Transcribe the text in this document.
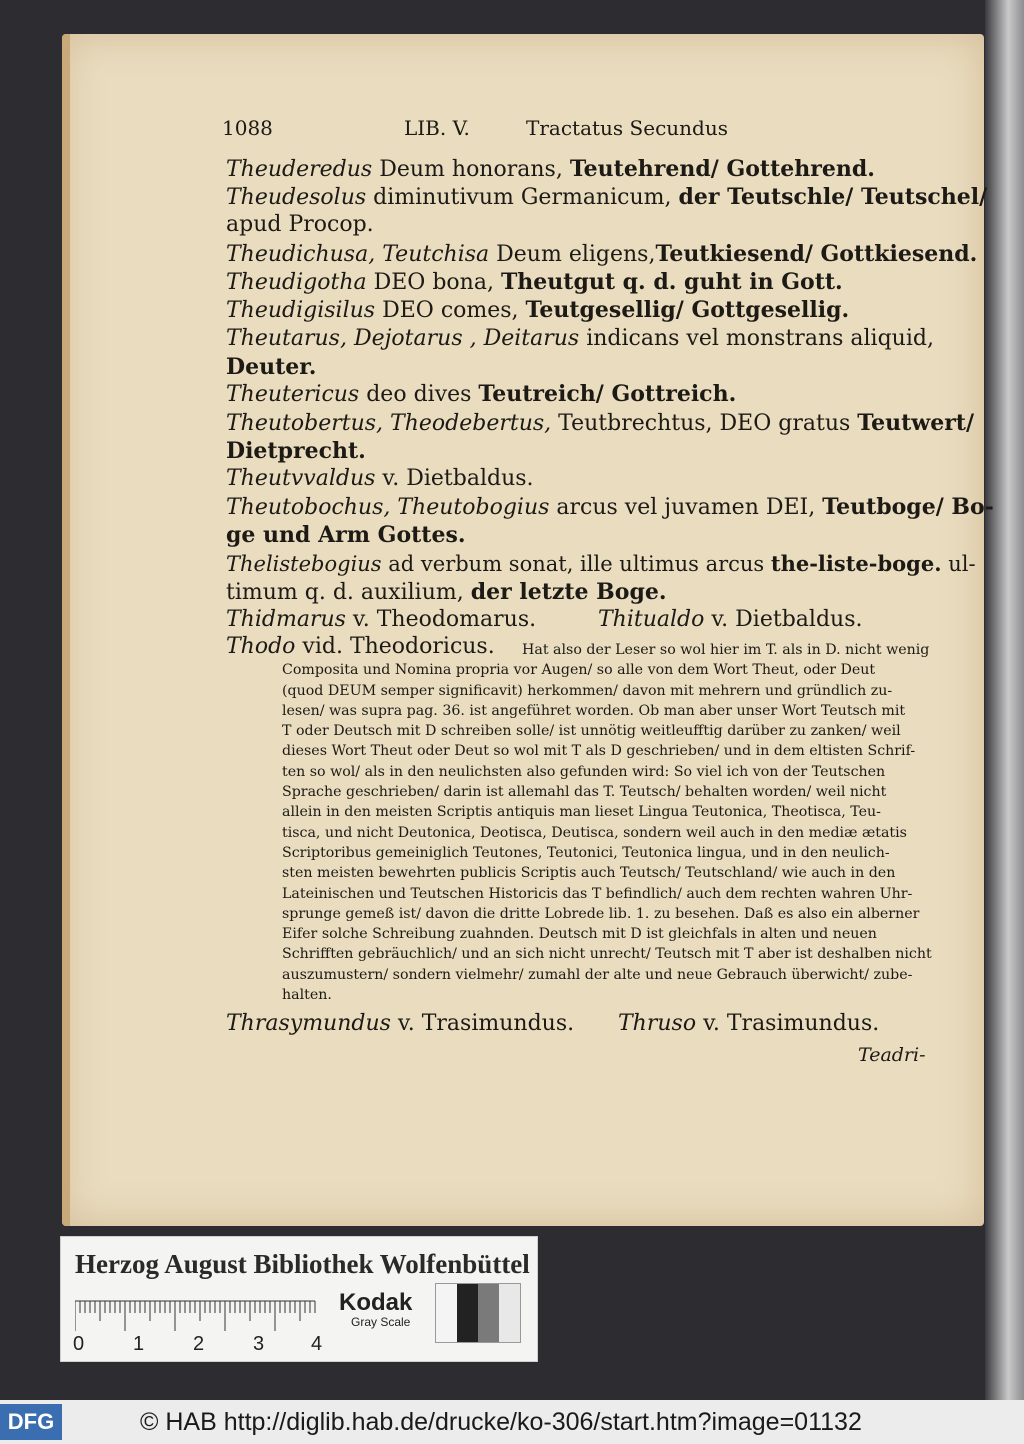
1088	LIB. V.	Tractatus Secundus
Theuderedus Deum honorans, Teutehrend/ Gottehrend.
Theudesolus diminutivum Germanicum, der Teutschle/ Teutschel/
apud Procop.
Theudichusa, Teutchisa Deum eligens,Teutkiesend/ Gottkiesend.
Theudigotha DEO bona, Theutgut q. d. guht in Gott.
Theudigisilus DEO comes, Teutgesellig/ Gottgesellig.
Theutarus, Dejotarus , Deitarus indicans vel monstrans aliquid,
Deuter.
Theutericus deo dives Teutreich/ Gottreich.
Theutobertus, Theodebertus, Teutbrechtus, DEO gratus Teutwert/
Dietprecht.
Theutvvaldus v. Dietbaldus.
Theutobochus, Theutobogius arcus vel juvamen DEI, Teutboge/ Bo-
ge und Arm Gottes.
Thelistebogius ad verbum sonat, ille ultimus arcus the-liste-boge. ul-
timum q. d. auxilium, der letzte Boge.
Thidmarus v. Theodomarus.	Thitualdo v. Dietbaldus.
Thodo vid. Theodoricus.	Hat also der Leser so wol hier im T. als in D. nicht wenig
Composita und Nomina propria vor Augen/ so alle von dem Wort Theut, oder Deut
(quod DEUM semper significavit) herkommen/ davon mit mehrern und gründlich zu-
lesen/ was supra pag. 36. ist angeführet worden. Ob man aber unser Wort Teutsch mit
T oder Deutsch mit D schreiben solle/ ist unnötig weitleufftig darüber zu zanken/ weil
dieses Wort Theut oder Deut so wol mit T als D geschrieben/ und in dem eltisten Schrif-
ten so wol/ als in den neulichsten also gefunden wird: So viel ich von der Teutschen
Sprache geschrieben/ darin ist allemahl das T. Teutsch/ behalten worden/ weil nicht
allein in den meisten Scriptis antiquis man lieset Lingua Teutonica, Theotisca, Teu-
tisca, und nicht Deutonica, Deotisca, Deutisca, sondern weil auch in den mediæ ætatis
Scriptoribus gemeiniglich Teutones, Teutonici, Teutonica lingua, und in den neulich-
sten meisten bewehrten publicis Scriptis auch Teutsch/ Teutschland/ wie auch in den
Lateinischen und Teutschen Historicis das T befindlich/ auch dem rechten wahren Uhr-
sprunge gemeß ist/ davon die dritte Lobrede lib. 1. zu besehen. Daß es also ein alberner
Eifer solche Schreibung zuahnden. Deutsch mit D ist gleichfals in alten und neuen
Schrifften gebräuchlich/ und an sich nicht unrecht/ Teutsch mit T aber ist deshalben nicht
auszumustern/ sondern vielmehr/ zumahl der alte und neue Gebrauch überwicht/ zube-
halten.
Thrasymundus v. Trasimundus.	Thruso v. Trasimundus.
Teadri-
Herzog August Bibliothek Wolfenbüttel
0 1 2 3 4
Kodak
Gray Scale
DFG	© HAB http://diglib.hab.de/drucke/ko-306/start.htm?image=01132
